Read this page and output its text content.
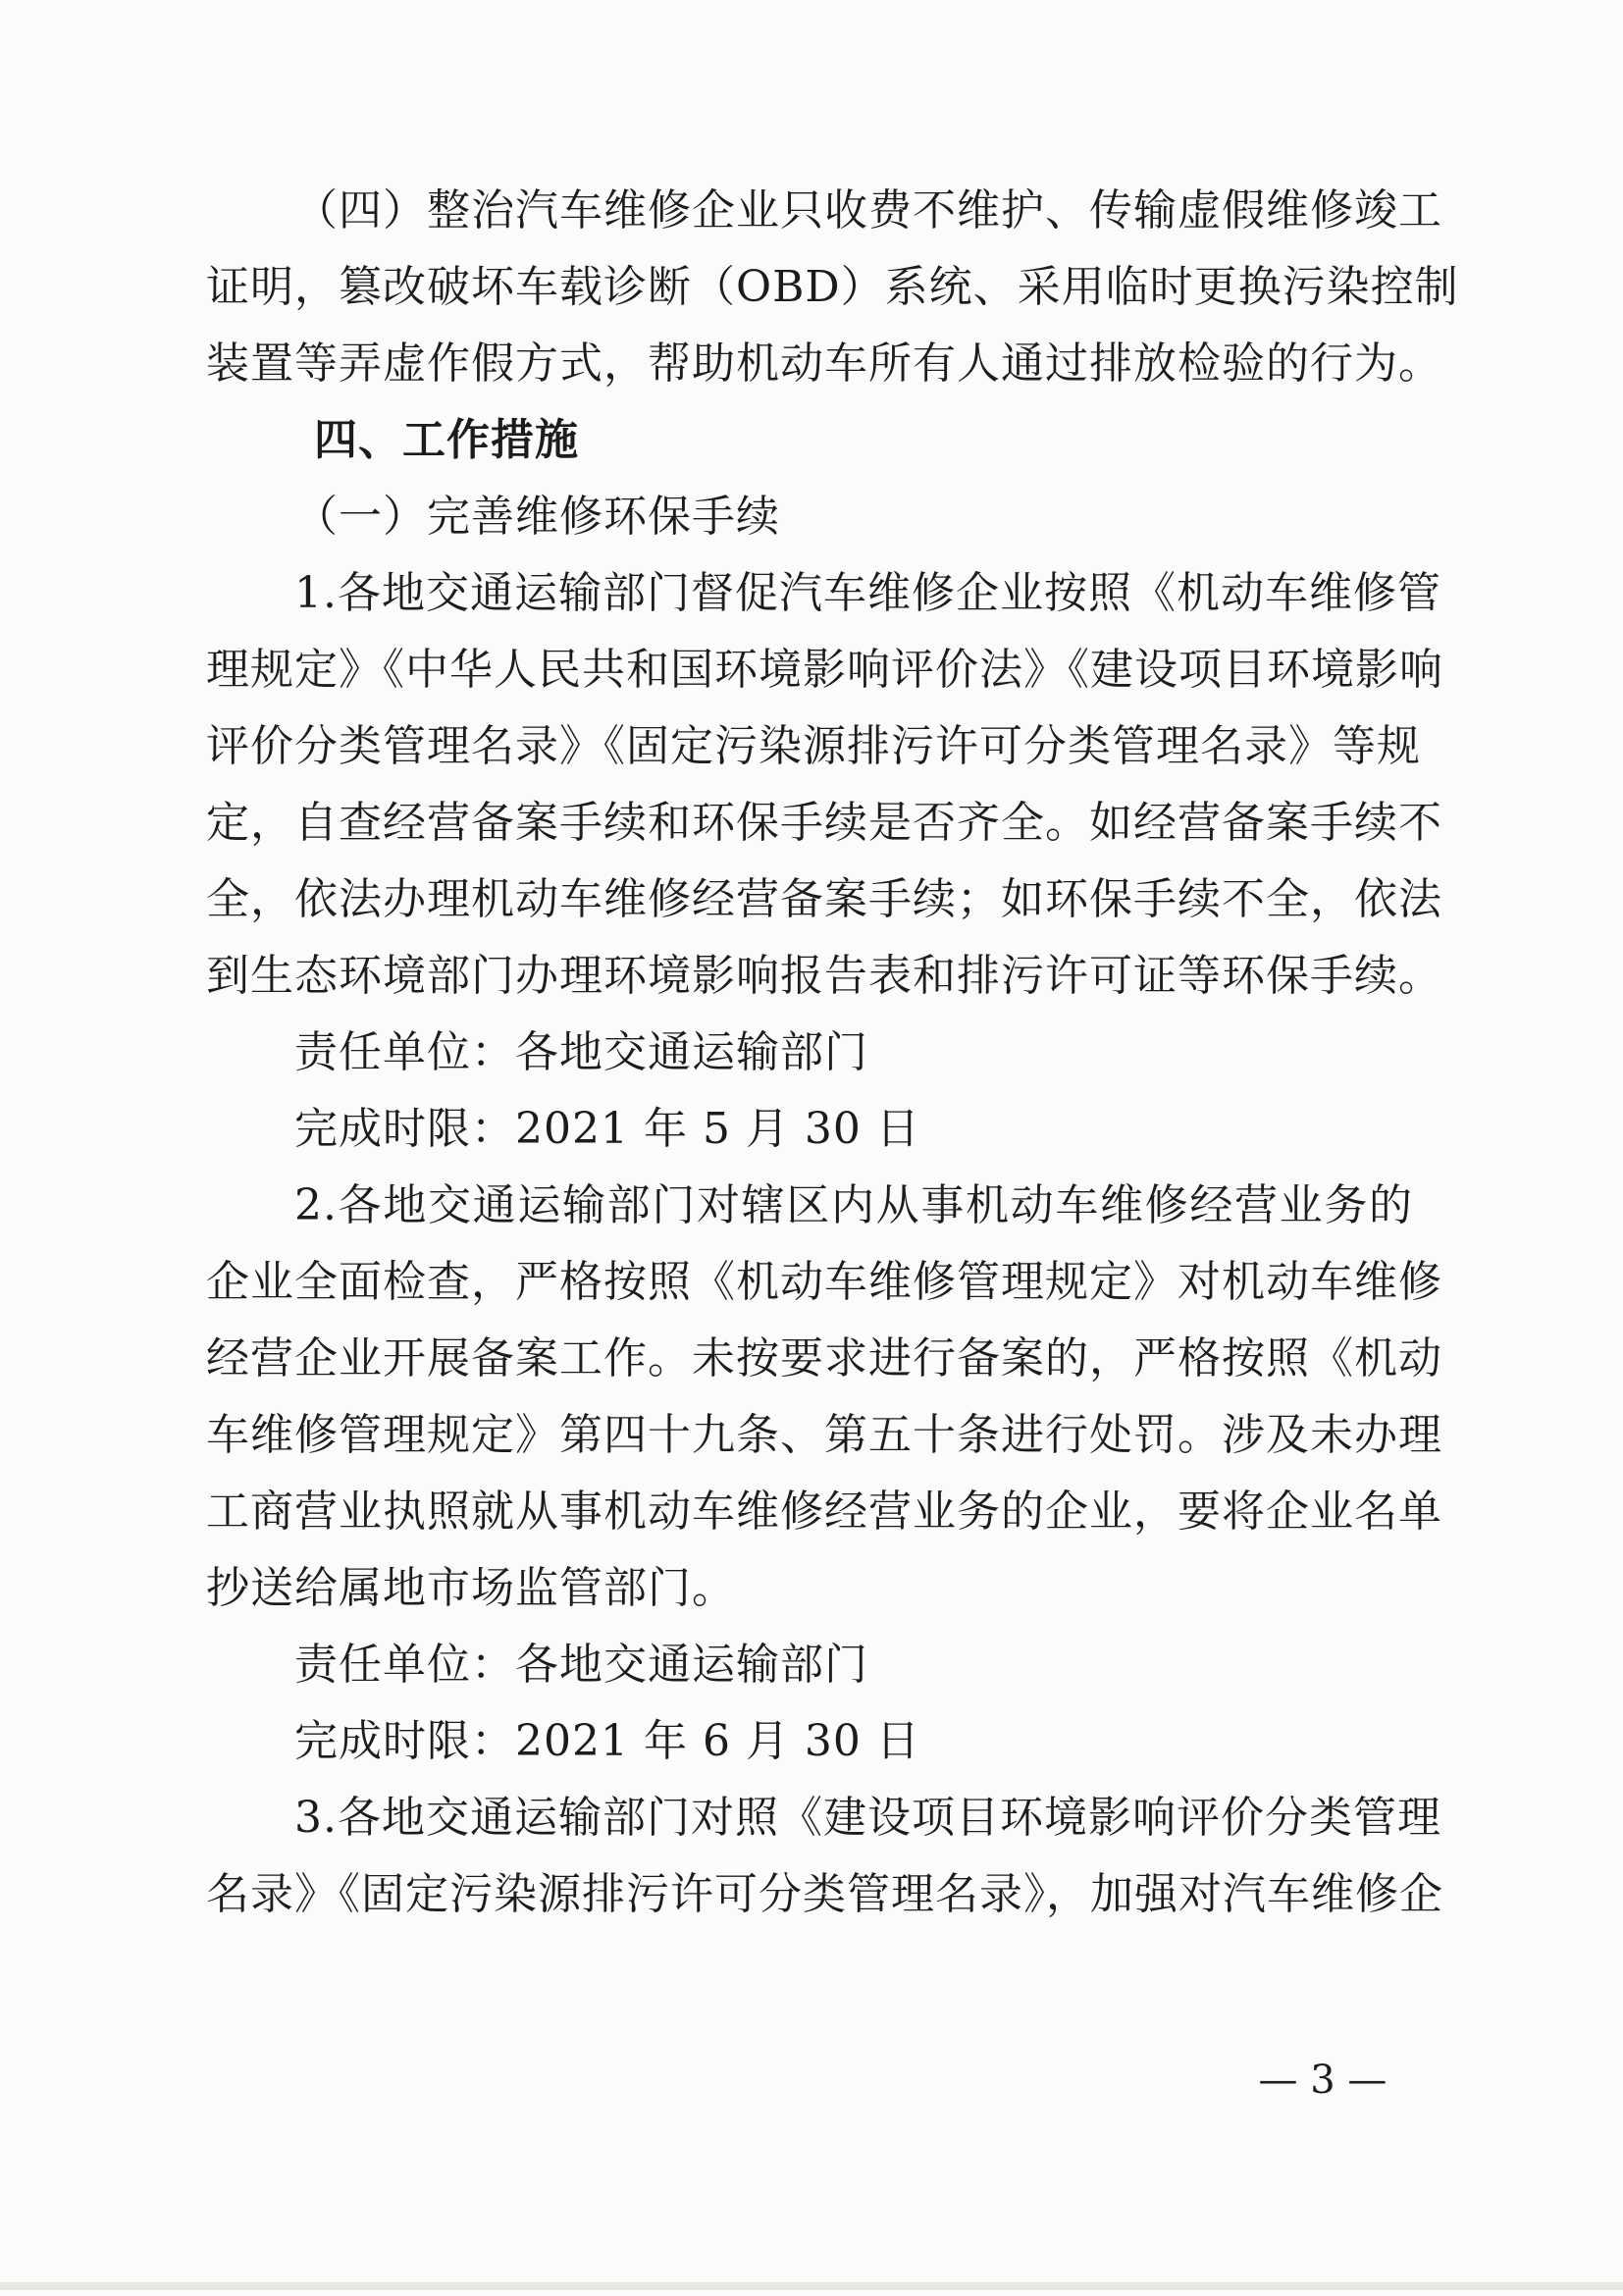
（四）整治汽车维修企业只收费不维护、传输虚假维修竣工
证明，篡改破坏车载诊断（OBD）系统、采用临时更换污染控制
装置等弄虚作假方式，帮助机动车所有人通过排放检验的行为。
四、工作措施
（一）完善维修环保手续
1.各地交通运输部门督促汽车维修企业按照《机动车维修管
理规定》《中华人民共和国环境影响评价法》《建设项目环境影响
评价分类管理名录》《固定污染源排污许可分类管理名录》等规
定，自查经营备案手续和环保手续是否齐全。如经营备案手续不
全，依法办理机动车维修经营备案手续；如环保手续不全，依法
到生态环境部门办理环境影响报告表和排污许可证等环保手续。
责任单位：各地交通运输部门
完成时限：2021 年 5 月 30 日
2.各地交通运输部门对辖区内从事机动车维修经营业务的
企业全面检查，严格按照《机动车维修管理规定》对机动车维修
经营企业开展备案工作。未按要求进行备案的，严格按照《机动
车维修管理规定》第四十九条、第五十条进行处罚。涉及未办理
工商营业执照就从事机动车维修经营业务的企业，要将企业名单
抄送给属地市场监管部门。
责任单位：各地交通运输部门
完成时限：2021 年 6 月 30 日
3.各地交通运输部门对照《建设项目环境影响评价分类管理
名录》《固定污染源排污许可分类管理名录》，加强对汽车维修企
— 3 —
